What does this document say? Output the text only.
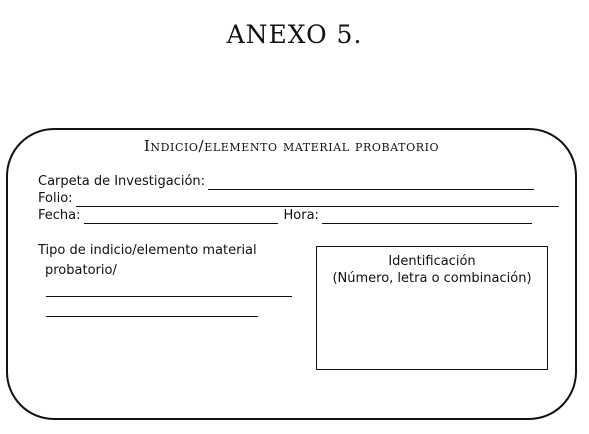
ANEXO 5.
Indicio/elemento material probatorio
Carpeta de Investigación:
Folio:
Fecha:	Hora:
Tipo de indicio/elemento material
probatorio/
Identificación
(Número, letra o combinación)
